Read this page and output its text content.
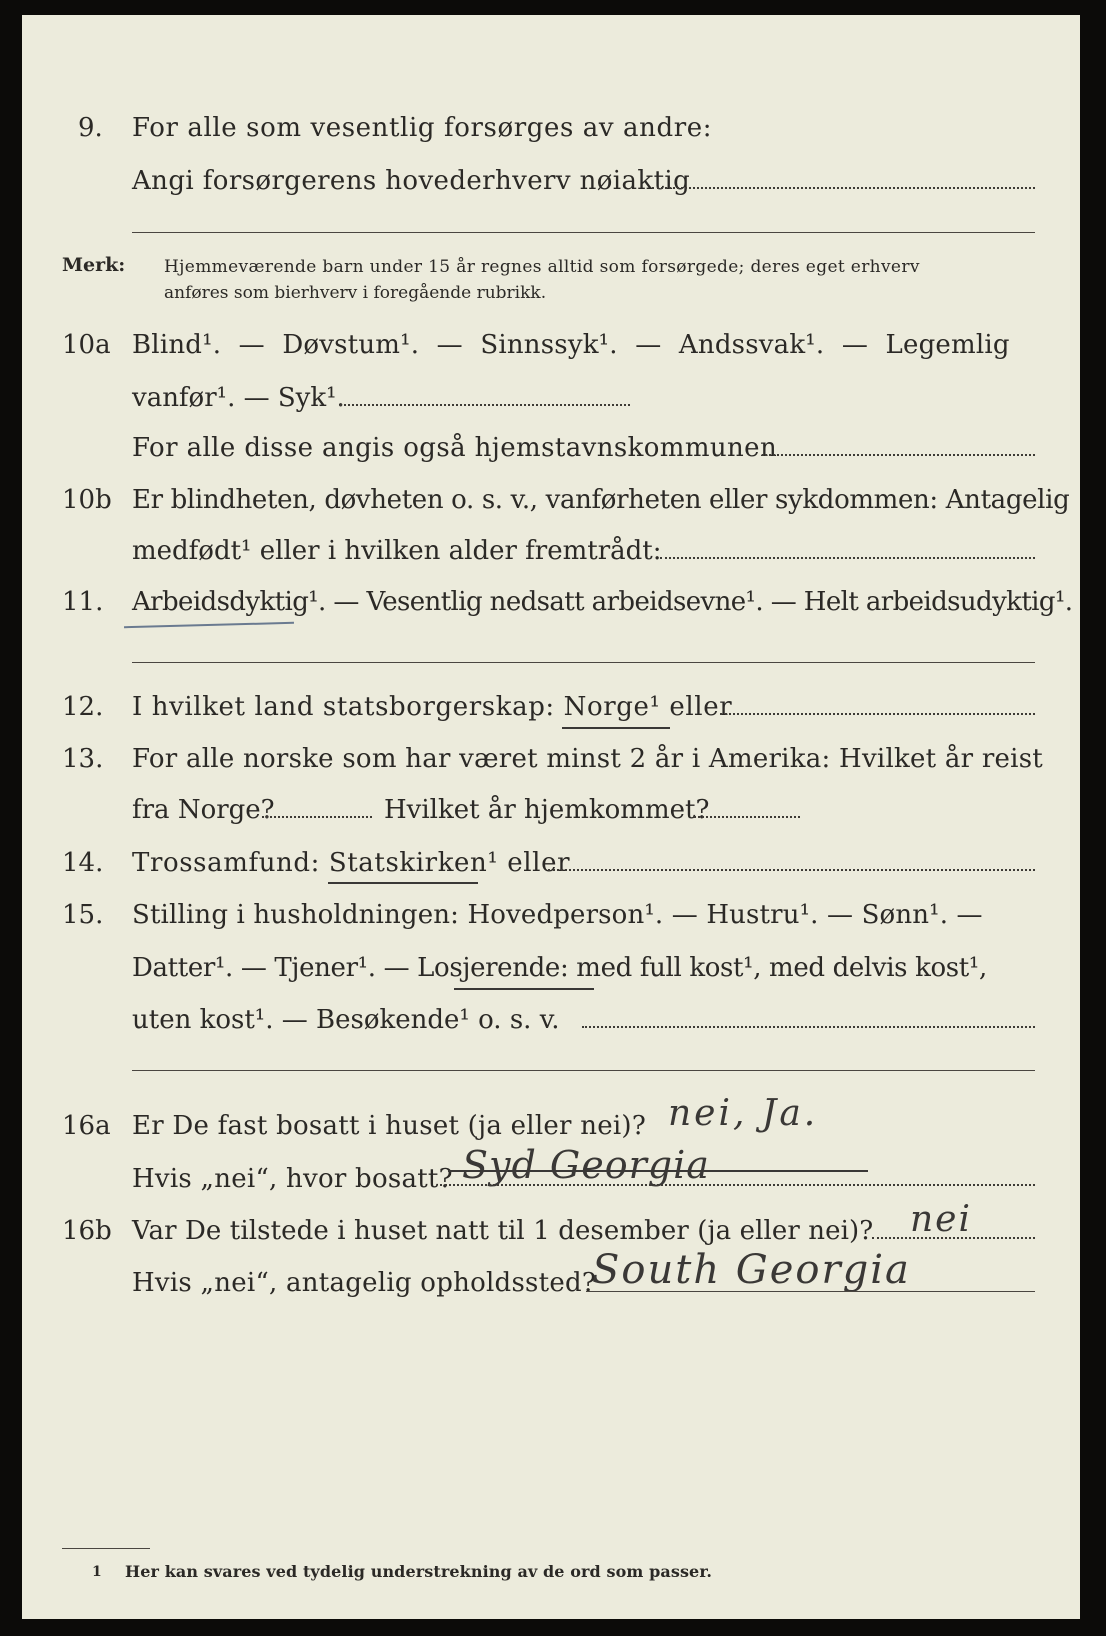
9. For alle som vesentlig forsørges av andre:
Angi forsørgerens hovederhverv nøiaktig
Merk: Hjemmeværende barn under 15 år regnes alltid som forsørgede; deres eget erhverv
anføres som bierhverv i foregående rubrikk.
10a Blind¹. — Døvstum¹. — Sinnssyk¹. — Andssvak¹. — Legemlig
vanfør¹. — Syk¹.
For alle disse angis også hjemstavnskommunen
10b Er blindheten, døvheten o. s. v., vanførheten eller sykdommen: Antagelig
medfødt¹ eller i hvilken alder fremtrådt:
11. Arbeidsdyktig¹. — Vesentlig nedsatt arbeidsevne¹. — Helt arbeidsudyktig¹.
12. I hvilket land statsborgerskap: Norge¹ eller
13. For alle norske som har været minst 2 år i Amerika: Hvilket år reist
fra Norge?	Hvilket år hjemkommet?
14. Trossamfund: Statskirken¹ eller
15. Stilling i husholdningen: Hovedperson¹. — Hustru¹. — Sønn¹. —
Datter¹. — Tjener¹. — Losjerende: med full kost¹, med delvis kost¹,
uten kost¹. — Besøkende¹ o. s. v.
16a Er De fast bosatt i huset (ja eller nei)? nei, Ja.
Hvis „nei“, hvor bosatt? Syd Georgia
16b Var De tilstede i huset natt til 1 desember (ja eller nei)? nei
Hvis „nei“, antagelig opholdssted?
South Georgia
1 Her kan svares ved tydelig understrekning av de ord som passer.
